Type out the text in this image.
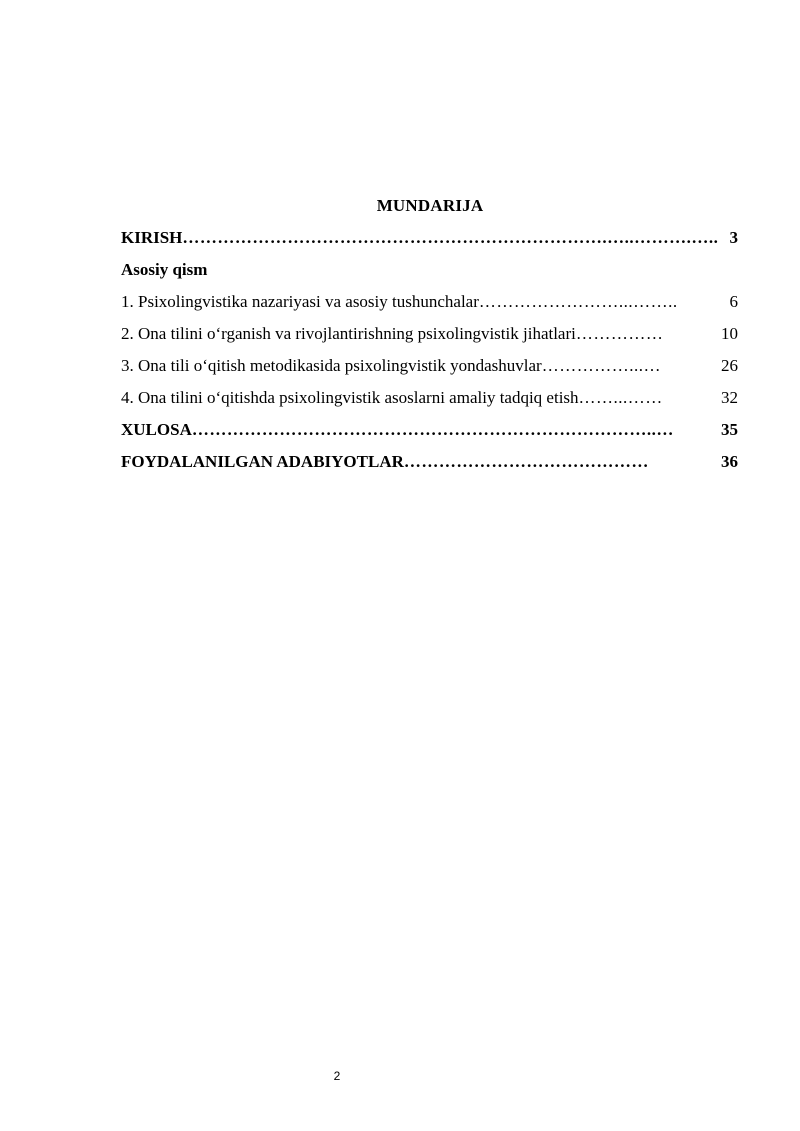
MUNDARIJA
KIRISH ……………………………………………………………….…..……….….. 3
Asosiy qism
1. Psixolingvistika nazariyasi va asosiy tushunchalar ……………………...……..	6
2. Ona tilini o‘rganish va rivojlantirishning psixolingvistik jihatlari ……………	10
3. Ona tili o‘qitish metodikasida psixolingvistik yondashuvlar ……………...…	26
4. Ona tilini o‘qitishda psixolingvistik asoslarni amaliy tadqiq etish ……...……	32
XULOSA ……………………………………………………………………..…	35
FOYDALANILGAN ADABIYOTLAR ……………………………………	36
2
